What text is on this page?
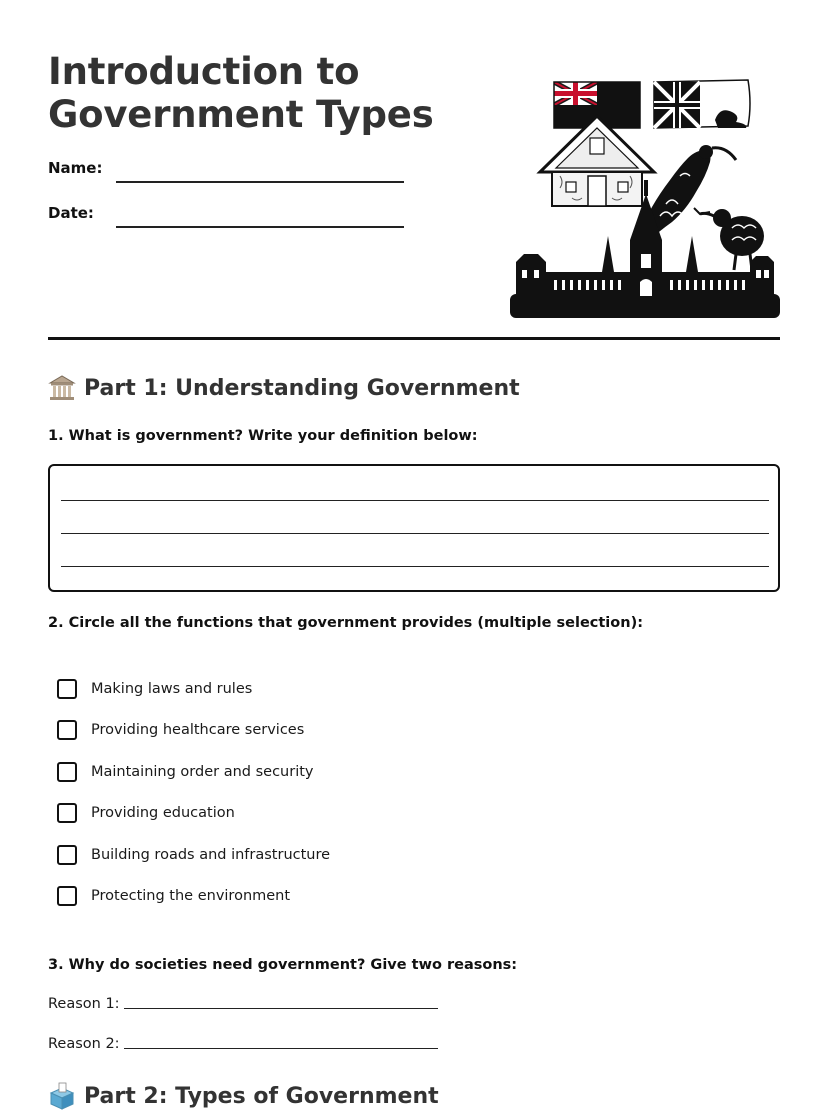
Introduction to
Government Types
Name:
Date:
Part 1: Understanding Government

1. What is government? Write your definition below:

2. Circle all the functions that government provides (multiple selection):

Making laws and rules
Providing healthcare services
Maintaining order and security
Providing education
Building roads and infrastructure
Protecting the environment

3. Why do societies need government? Give two reasons:

Reason 1:
Reason 2:
Part 2: Types of Government
